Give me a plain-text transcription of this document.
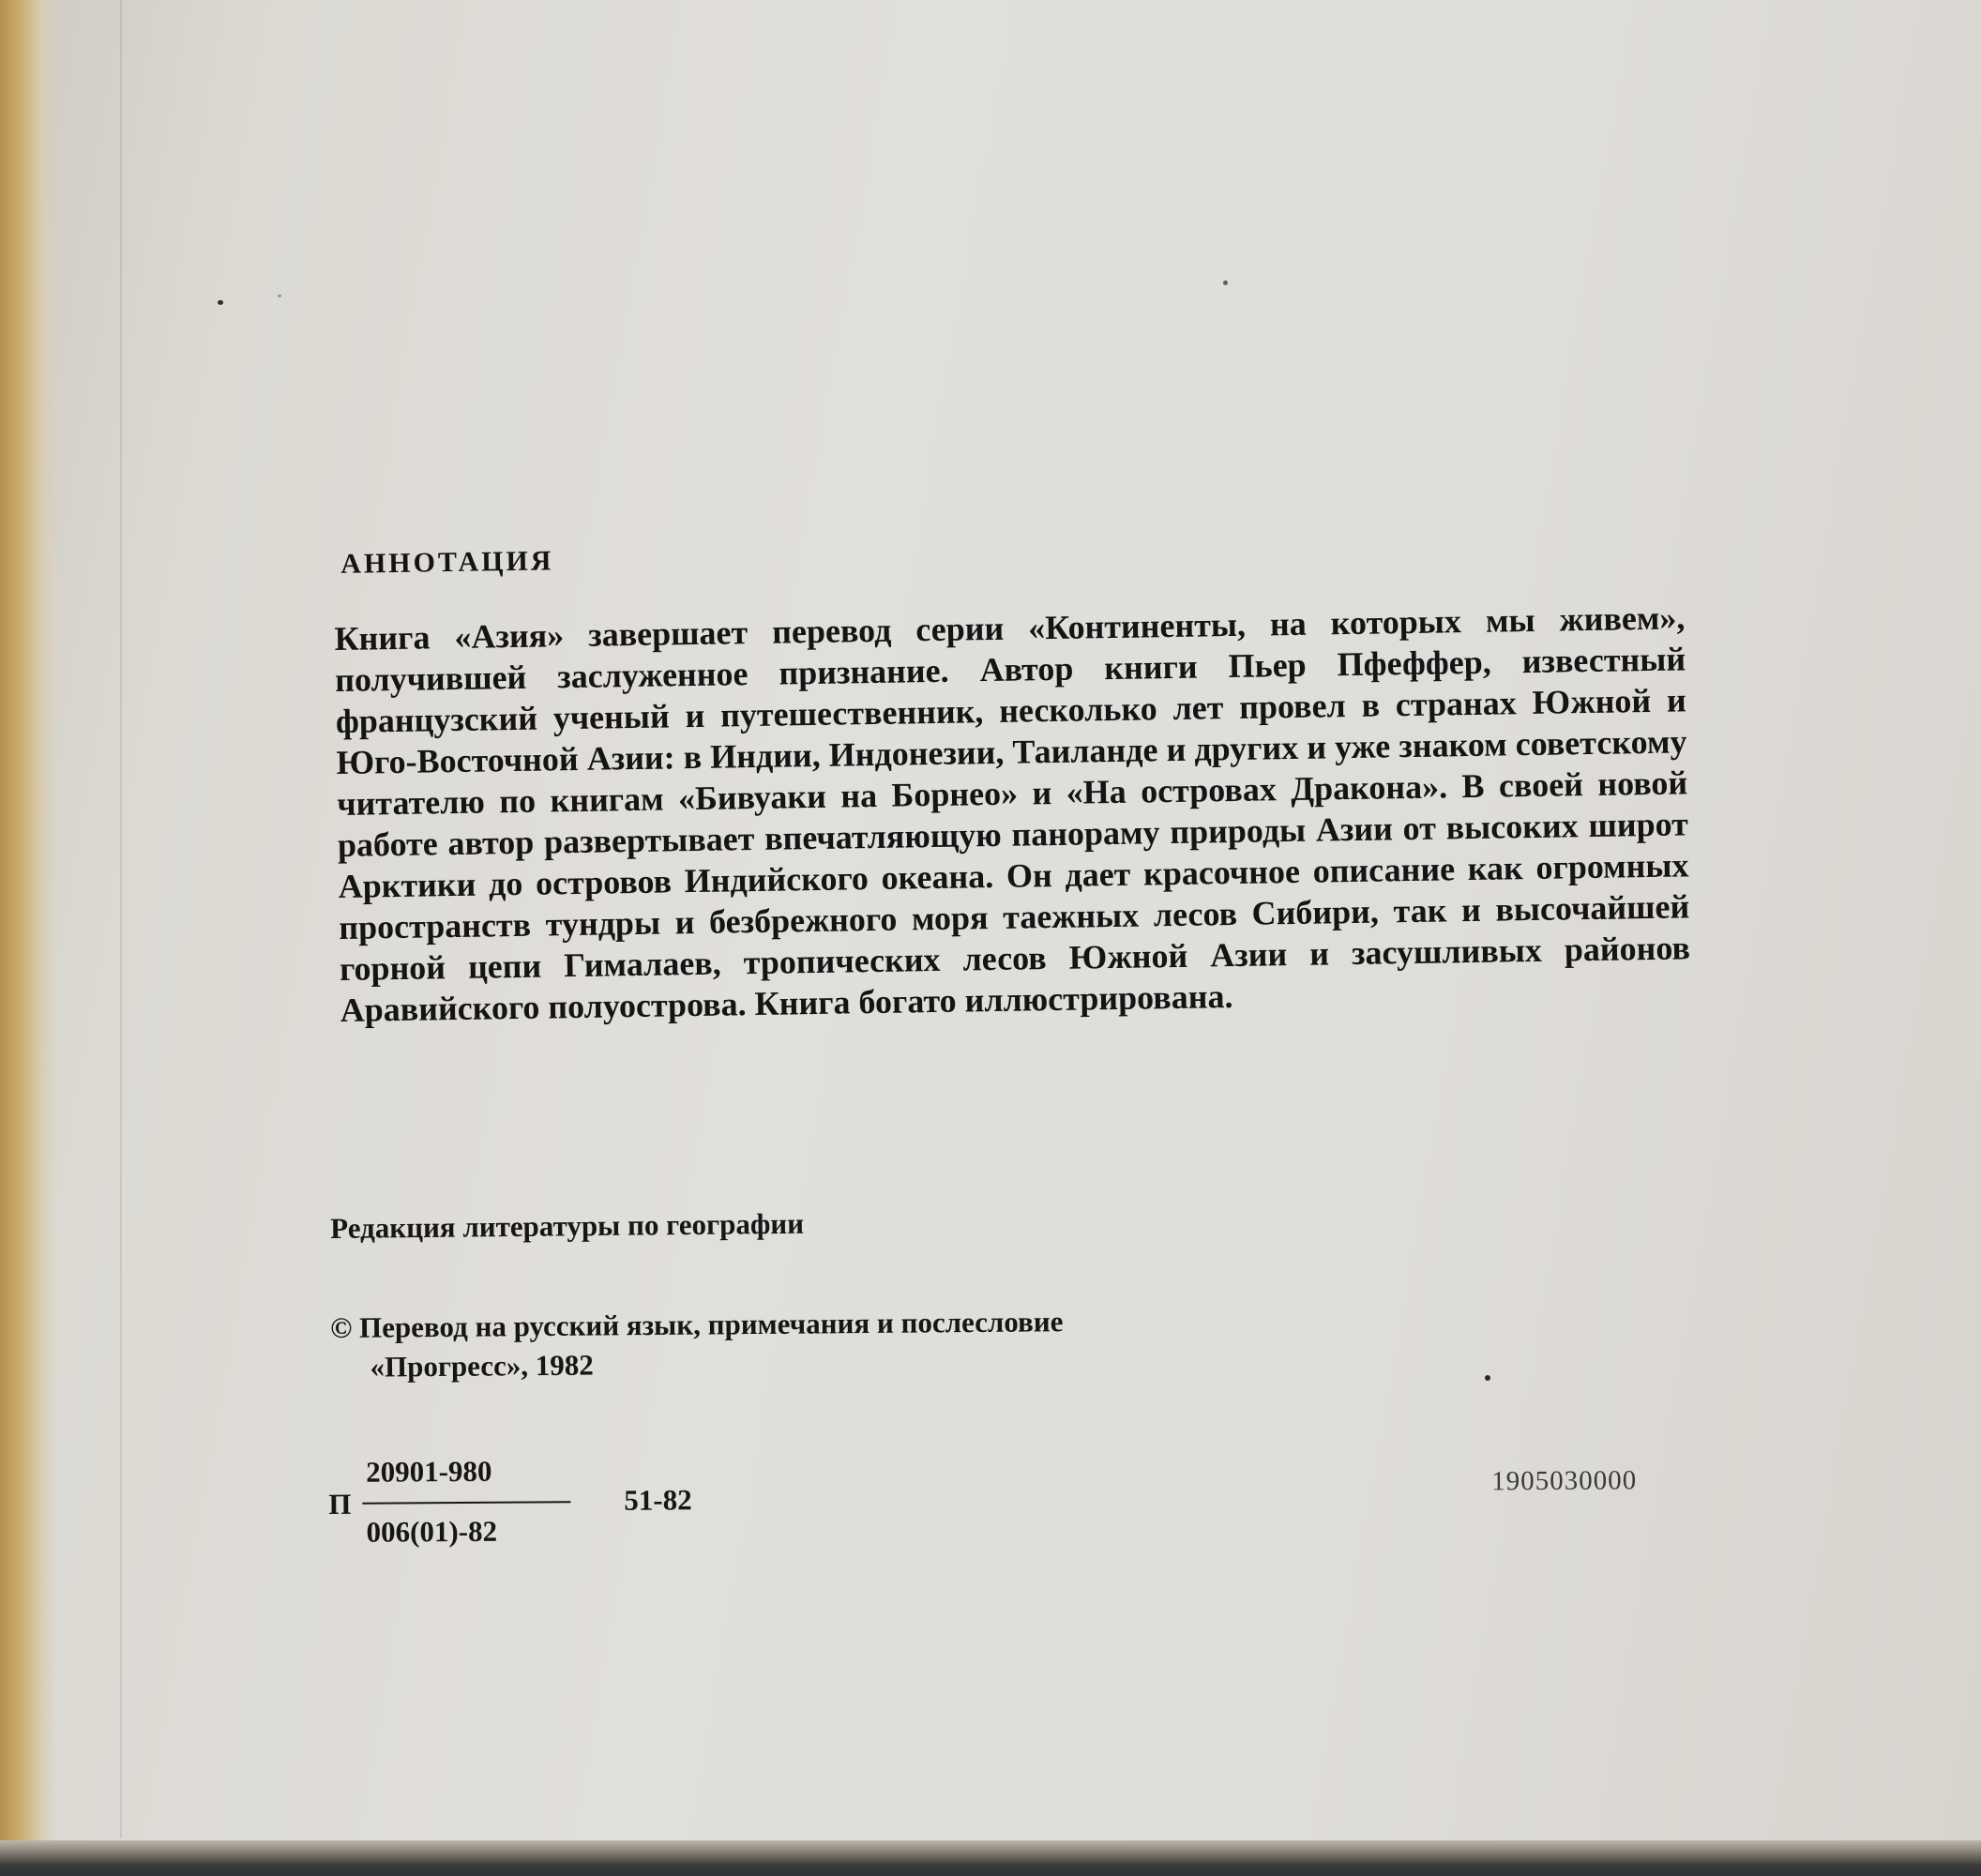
АННОТАЦИЯ

Книга «Азия» завершает перевод серии «Континенты, на которых мы живем», получившей заслуженное признание. Автор книги Пьер Пфеффер, известный французский ученый и путешественник, несколько лет провел в странах Южной и Юго-Восточной Азии: в Индии, Индонезии, Таиланде и других и уже знаком советскому читателю по книгам «Бивуаки на Борнео» и «На островах Дракона». В своей новой работе автор развертывает впечатляющую панораму природы Азии от высоких широт Арктики до островов Индийского океана. Он дает красочное описание как огромных пространств тундры и безбрежного моря таежных лесов Сибири, так и высочайшей горной цепи Гималаев, тропических лесов Южной Азии и засушливых районов Аравийского полуострова. Книга богато иллюстрирована.

Редакция литературы по географии
© Перевод на русский язык, примечания и послесловие
«Прогресс», 1982
П
20901-980
006(01)-82
51-82
1905030000
